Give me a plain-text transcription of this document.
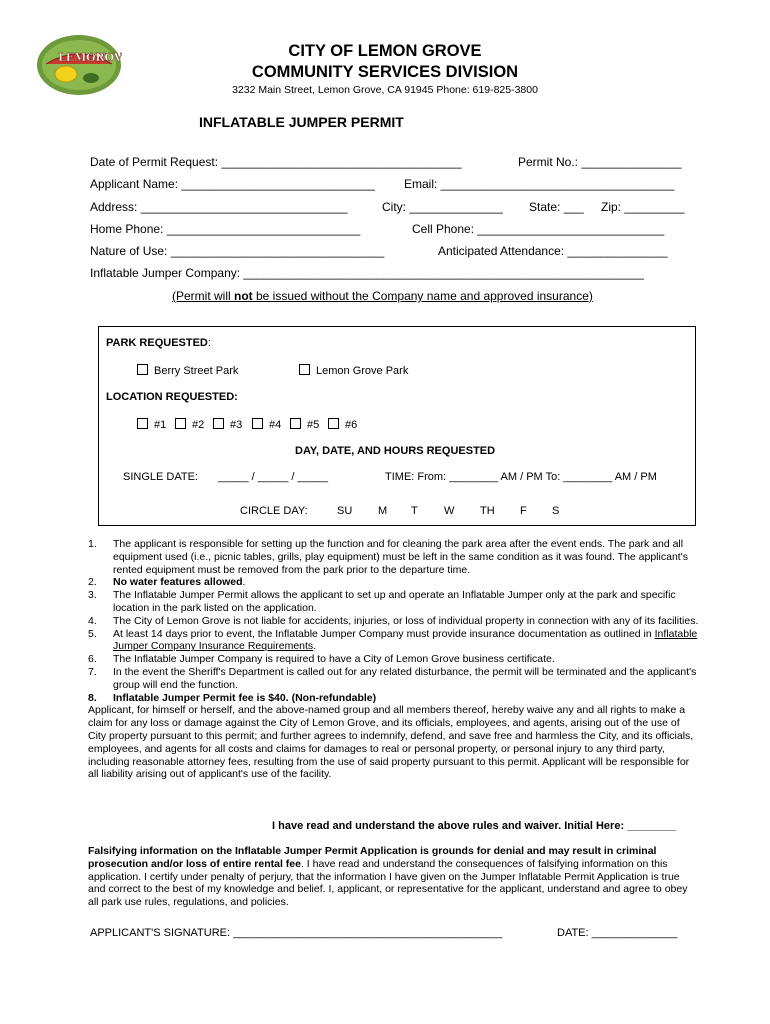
LEMON
GROV	CITY OF LEMON GROVE
COMMUNITY SERVICES DIVISION
3232 Main Street, Lemon Grove, CA 91945 Phone: 619-825-3800
INFLATABLE JUMPER PERMIT
Date of Permit Request: ____________________________________	Permit No.: _______________
Applicant Name: _____________________________ Email: ___________________________________
Address: _______________________________	City: ______________ State: ___ Zip: _________
Home Phone: _____________________________	Cell Phone: ____________________________
Nature of Use: ________________________________	Anticipated Attendance: _______________
Inflatable Jumper Company: ____________________________________________________________
(Permit will not be issued without the Company name and approved insurance)
PARK REQUESTED:
Berry Street Park	Lemon Grove Park
LOCATION REQUESTED:
#1	#2	#3	#4	#5	#6
DAY, DATE, AND HOURS REQUESTED
SINGLE DATE: _____ / _____ / _____	TIME: From: ________ AM / PM To: ________ AM / PM
CIRCLE DAY:	SU M T W TH F S
1. The applicant is responsible for setting up the function and for cleaning the park area after the event ends. The park and all equipment used (i.e., picnic tables, grills, play equipment) must be left in the same condition as it was found. The applicant's rented equipment must be removed from the park prior to the departure time.
2. No water features allowed.
3. The Inflatable Jumper Permit allows the applicant to set up and operate an Inflatable Jumper only at the park and specific location in the park listed on the application.
4. The City of Lemon Grove is not liable for accidents, injuries, or loss of individual property in connection with any of its facilities.
5. At least 14 days prior to event, the Inflatable Jumper Company must provide insurance documentation as outlined in Inflatable Jumper Company Insurance Requirements.
6. The Inflatable Jumper Company is required to have a City of Lemon Grove business certificate.
7. In the event the Sheriff's Department is called out for any related disturbance, the permit will be terminated and the applicant's group will end the function.
8. Inflatable Jumper Permit fee is $40. (Non-refundable)
Applicant, for himself or herself, and the above-named group and all members thereof, hereby waive any and all rights to make a claim for any loss or damage against the City of Lemon Grove, and its officials, employees, and agents, arising out of the use of City property pursuant to this permit; and further agrees to indemnify, defend, and save free and harmless the City, and its officials, employees, and agents for all costs and claims for damages to real or personal property, or personal injury to any third party, including reasonable attorney fees, resulting from the use of said property pursuant to this permit. Applicant will be responsible for all liability arising out of applicant's use of the facility.
I have read and understand the above rules and waiver. Initial Here: ________
Falsifying information on the Inflatable Jumper Permit Application is grounds for denial and may result in criminal prosecution and/or loss of entire rental fee. I have read and understand the consequences of falsifying information on this application. I certify under penalty of perjury, that the information I have given on the Jumper Inflatable Permit Application is true and correct to the best of my knowledge and belief. I, applicant, or representative for the applicant, understand and agree to obey all park use rules, regulations, and policies.
APPLICANT'S SIGNATURE: ____________________________________________	DATE: ______________
